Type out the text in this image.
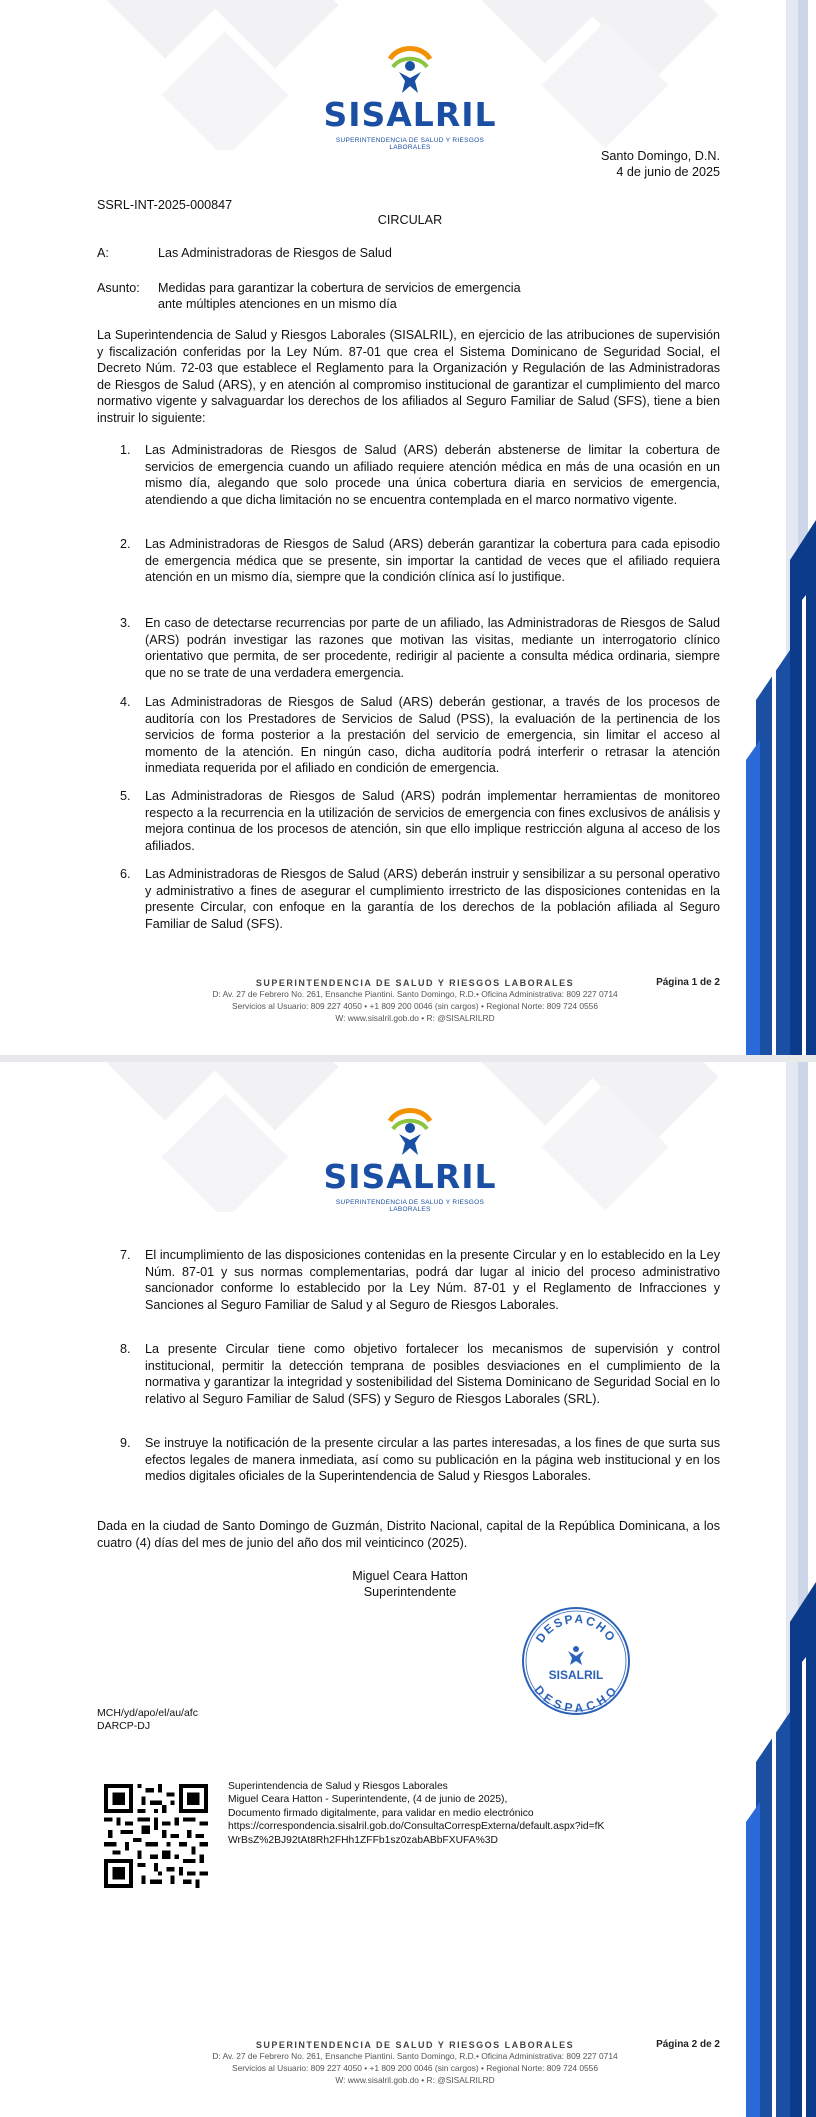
SISALRIL
SUPERINTENDENCIA DE SALUD Y RIESGOS LABORALES
Santo Domingo, D.N.
4 de junio de 2025
SSRL-INT-2025-000847
CIRCULAR
A:	Las Administradoras de Riesgos de Salud
Asunto: Medidas para garantizar la cobertura de servicios de emergencia
ante múltiples atenciones en un mismo día
La Superintendencia de Salud y Riesgos Laborales (SISALRIL), en ejercicio de las atribuciones de supervisión y fiscalización conferidas por la Ley Núm. 87-01 que crea el Sistema Dominicano de Seguridad Social, el Decreto Núm. 72-03 que establece el Reglamento para la Organización y Regulación de las Administradoras de Riesgos de Salud (ARS), y en atención al compromiso institucional de garantizar el cumplimiento del marco normativo vigente y salvaguardar los derechos de los afiliados al Seguro Familiar de Salud (SFS), tiene a bien instruir lo siguiente:
1.	Las Administradoras de Riesgos de Salud (ARS) deberán abstenerse de limitar la cobertura de servicios de emergencia cuando un afiliado requiere atención médica en más de una ocasión en un mismo día, alegando que solo procede una única cobertura diaria en servicios de emergencia, atendiendo a que dicha limitación no se encuentra contemplada en el marco normativo vigente.
2.	Las Administradoras de Riesgos de Salud (ARS) deberán garantizar la cobertura para cada episodio de emergencia médica que se presente, sin importar la cantidad de veces que el afiliado requiera atención en un mismo día, siempre que la condición clínica así lo justifique.
3.	En caso de detectarse recurrencias por parte de un afiliado, las Administradoras de Riesgos de Salud (ARS) podrán investigar las razones que motivan las visitas, mediante un interrogatorio clínico orientativo que permita, de ser procedente, redirigir al paciente a consulta médica ordinaria, siempre que no se trate de una verdadera emergencia.
4.	Las Administradoras de Riesgos de Salud (ARS) deberán gestionar, a través de los procesos de auditoría con los Prestadores de Servicios de Salud (PSS), la evaluación de la pertinencia de los servicios de forma posterior a la prestación del servicio de emergencia, sin limitar el acceso al momento de la atención. En ningún caso, dicha auditoría podrá interferir o retrasar la atención inmediata requerida por el afiliado en condición de emergencia.
5.	Las Administradoras de Riesgos de Salud (ARS) podrán implementar herramientas de monitoreo respecto a la recurrencia en la utilización de servicios de emergencia con fines exclusivos de análisis y mejora continua de los procesos de atención, sin que ello implique restricción alguna al acceso de los afiliados.
6.	Las Administradoras de Riesgos de Salud (ARS) deberán instruir y sensibilizar a su personal operativo y administrativo a fines de asegurar el cumplimiento irrestricto de las disposiciones contenidas en la presente Circular, con enfoque en la garantía de los derechos de la población afiliada al Seguro Familiar de Salud (SFS).
Página 1 de 2
SUPERINTENDENCIA DE SALUD Y RIESGOS LABORALES
D: Av. 27 de Febrero No. 261, Ensanche Piantini. Santo Domingo, R.D.• Oficina Administrativa: 809 227 0714
Servicios al Usuario: 809 227 4050 • +1 809 200 0046 (sin cargos) • Regional Norte: 809 724 0556
W: www.sisalril.gob.do • R: @SISALRILRD
SISALRIL
SUPERINTENDENCIA DE SALUD Y RIESGOS LABORALES
7.	El incumplimiento de las disposiciones contenidas en la presente Circular y en lo establecido en la Ley Núm. 87-01 y sus normas complementarias, podrá dar lugar al inicio del proceso administrativo sancionador conforme lo establecido por la Ley Núm. 87-01 y el Reglamento de Infracciones y Sanciones al Seguro Familiar de Salud y al Seguro de Riesgos Laborales.
8.	La presente Circular tiene como objetivo fortalecer los mecanismos de supervisión y control institucional, permitir la detección temprana de posibles desviaciones en el cumplimiento de la normativa y garantizar la integridad y sostenibilidad del Sistema Dominicano de Seguridad Social en lo relativo al Seguro Familiar de Salud (SFS) y Seguro de Riesgos Laborales (SRL).
9.	Se instruye la notificación de la presente circular a las partes interesadas, a los fines de que surta sus efectos legales de manera inmediata, así como su publicación en la página web institucional y en los medios digitales oficiales de la Superintendencia de Salud y Riesgos Laborales.
Dada en la ciudad de Santo Domingo de Guzmán, Distrito Nacional, capital de la República Dominicana, a los cuatro (4) días del mes de junio del año dos mil veinticinco (2025).
Miguel Ceara Hatton
Superintendente
MCH/yd/apo/el/au/afc
DARCP-DJ
DESPACHO
DESPACHO
SISALRIL
Superintendencia de Salud y Riesgos Laborales
Miguel Ceara Hatton - Superintendente, (4 de junio de 2025),
Documento firmado digitalmente, para validar en medio electrónico
https://correspondencia.sisalril.gob.do/ConsultaCorrespExterna/default.aspx?id=fK
WrBsZ%2BJ92tAt8Rh2FHh1ZFFb1sz0zabABbFXUFA%3D
Página 2 de 2
SUPERINTENDENCIA DE SALUD Y RIESGOS LABORALES
D: Av. 27 de Febrero No. 261, Ensanche Piantini. Santo Domingo, R.D.• Oficina Administrativa: 809 227 0714
Servicios al Usuario: 809 227 4050 • +1 809 200 0046 (sin cargos) • Regional Norte: 809 724 0556
W: www.sisalril.gob.do • R: @SISALRILRD
